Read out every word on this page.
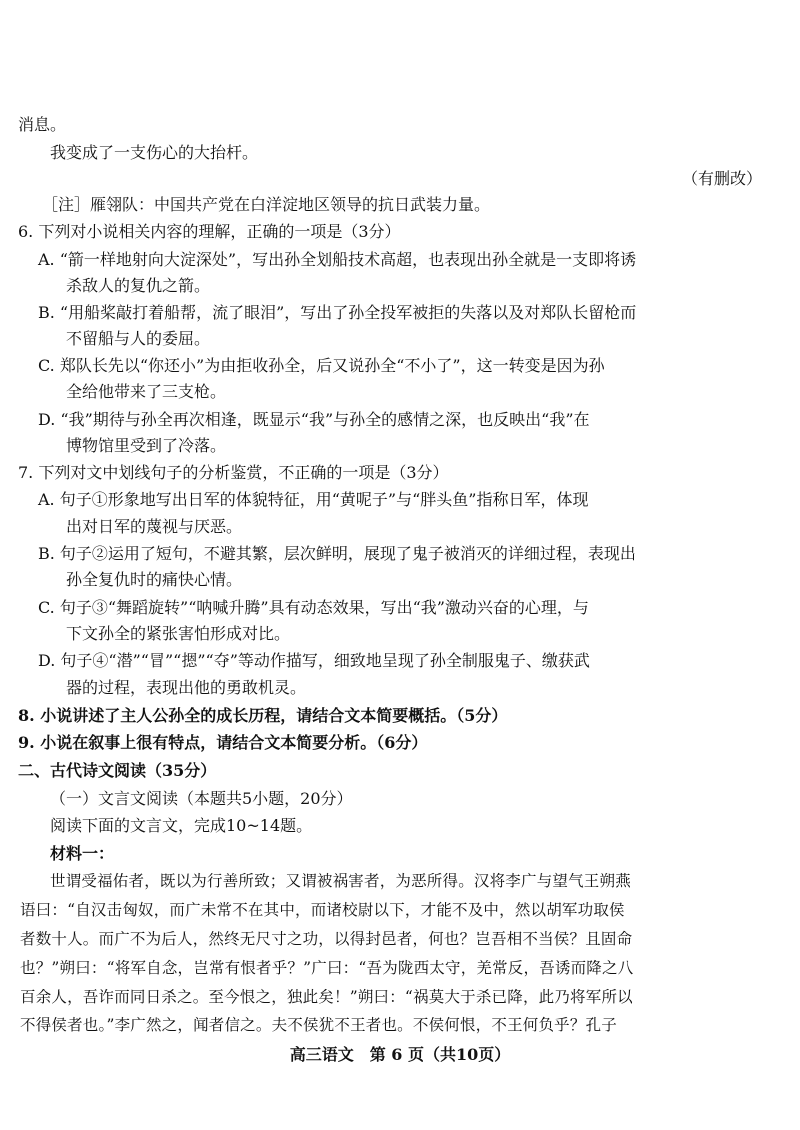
消息。
我变成了一支伤心的大抬杆。
（有删改）
［注］雁翎队：中国共产党在白洋淀地区领导的抗日武装力量。
6. 下列对小说相关内容的理解，正确的一项是（3分）
A. “箭一样地射向大淀深处”，写出孙全划船技术高超，也表现出孙全就是一支即将诱
杀敌人的复仇之箭。
B. “用船桨敲打着船帮，流了眼泪”，写出了孙全投军被拒的失落以及对郑队长留枪而
不留船与人的委屈。
C. 郑队长先以“你还小”为由拒收孙全，后又说孙全“不小了”，这一转变是因为孙
全给他带来了三支枪。
D. “我”期待与孙全再次相逢，既显示“我”与孙全的感情之深，也反映出“我”在
博物馆里受到了冷落。
7. 下列对文中划线句子的分析鉴赏，不正确的一项是（3分）
A. 句子①形象地写出日军的体貌特征，用“黄呢子”与“胖头鱼”指称日军，体现
出对日军的蔑视与厌恶。
B. 句子②运用了短句，不避其繁，层次鲜明，展现了鬼子被消灭的详细过程，表现出
孙全复仇时的痛快心情。
C. 句子③“舞蹈旋转”“呐喊升腾”具有动态效果，写出“我”激动兴奋的心理，与
下文孙全的紧张害怕形成对比。
D. 句子④“潜”“冒”“摁”“夺”等动作描写，细致地呈现了孙全制服鬼子、缴获武
器的过程，表现出他的勇敢机灵。
8. 小说讲述了主人公孙全的成长历程，请结合文本简要概括。（5分）
9. 小说在叙事上很有特点，请结合文本简要分析。（6分）
二、古代诗文阅读（35分）
（一）文言文阅读（本题共5小题，20分）
阅读下面的文言文，完成10~14题。
材料一：
世谓受福佑者，既以为行善所致；又谓被祸害者，为恶所得。汉将李广与望气王朔燕
语曰：“自汉击匈奴，而广未常不在其中，而诸校尉以下，才能不及中，然以胡军功取侯
者数十人。而广不为后人，然终无尺寸之功，以得封邑者，何也？岂吾相不当侯？且固命
也？”朔曰：“将军自念，岂常有恨者乎？”广曰：“吾为陇西太守，羌常反，吾诱而降之八
百余人，吾诈而同日杀之。至今恨之，独此矣！”朔曰：“祸莫大于杀已降，此乃将军所以
不得侯者也。”李广然之，闻者信之。夫不侯犹不王者也。不侯何恨，不王何负乎？孔子
高三语文　第 6 页（共10页）
